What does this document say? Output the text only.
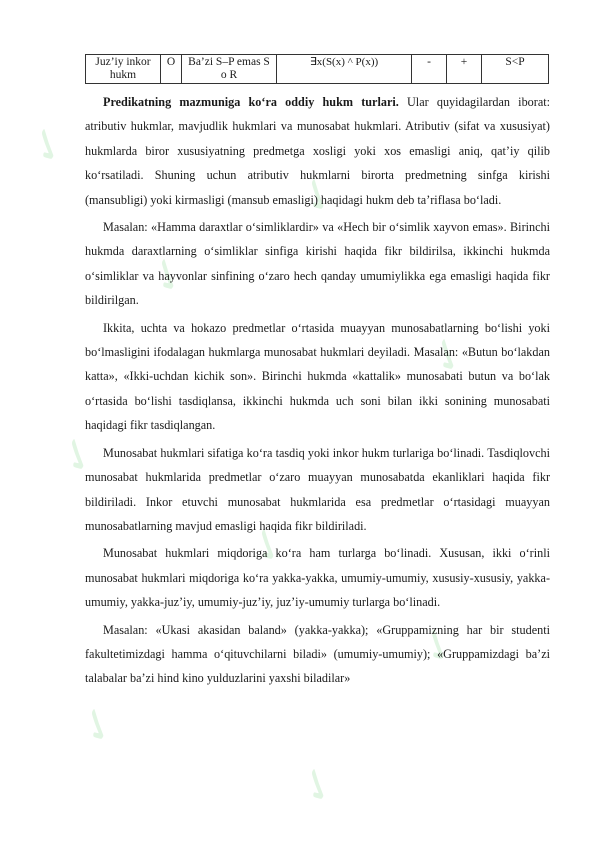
✓
✓
✓
✓
✓
✓
✓
✓
✓
Juz’iy inkor hukm	O	Ba’zi S–P emas S o R	∃x(S(x) ^ P(x))	-	+	S<P

Predikatning mazmuniga ko‘ra oddiy hukm turlari. Ular quyidagilardan iborat: atributiv hukmlar, mavjudlik hukmlari va munosabat hukmlari. Atributiv (sifat va xususiyat) hukmlarda biror xususiyatning predmetga xosligi yoki xos emasligi aniq, qat’iy qilib ko‘rsatiladi. Shuning uchun atributiv hukmlarni birorta predmetning sinfga kirishi (mansubligi) yoki kirmasligi (mansub emasligi) haqidagi hukm deb ta’riflasa bo‘ladi.

Masalan: «Hamma daraxtlar o‘simliklardir» va «Hech bir o‘simlik xayvon emas». Birinchi hukmda daraxtlarning o‘simliklar sinfiga kirishi haqida fikr bildirilsa, ikkinchi hukmda o‘simliklar va hayvonlar sinfining o‘zaro hech qanday umumiylikka ega emasligi haqida fikr bildirilgan.

Ikkita, uchta va hokazo predmetlar o‘rtasida muayyan munosabatlarning bo‘lishi yoki bo‘lmasligini ifodalagan hukmlarga munosabat hukmlari deyiladi. Masalan: «Butun bo‘lakdan katta», «Ikki-uchdan kichik son». Birinchi hukmda «kattalik» munosabati butun va bo‘lak o‘rtasida bo‘lishi tasdiqlansa, ikkinchi hukmda uch soni bilan ikki sonining munosabati haqidagi fikr tasdiqlangan.

Munosabat hukmlari sifatiga ko‘ra tasdiq yoki inkor hukm turlariga bo‘linadi. Tasdiqlovchi munosabat hukmlarida predmetlar o‘zaro muayyan munosabatda ekanliklari haqida fikr bildiriladi. Inkor etuvchi munosabat hukmlarida esa predmetlar o‘rtasidagi muayyan munosabatlarning mavjud emasligi haqida fikr bildiriladi.

Munosabat hukmlari miqdoriga ko‘ra ham turlarga bo‘linadi. Xususan, ikki o‘rinli munosabat hukmlari miqdoriga ko‘ra yakka-yakka, umumiy-umumiy, xususiy-xususiy, yakka-umumiy, yakka-juz’iy, umumiy-juz’iy, juz’iy-umumiy turlarga bo‘linadi.

Masalan: «Ukasi akasidan baland» (yakka-yakka); «Gruppamizning har bir studenti fakultetimizdagi hamma o‘qituvchilarni biladi» (umumiy-umumiy); «Gruppamizdagi ba’zi talabalar ba’zi hind kino yulduzlarini yaxshi biladilar»
